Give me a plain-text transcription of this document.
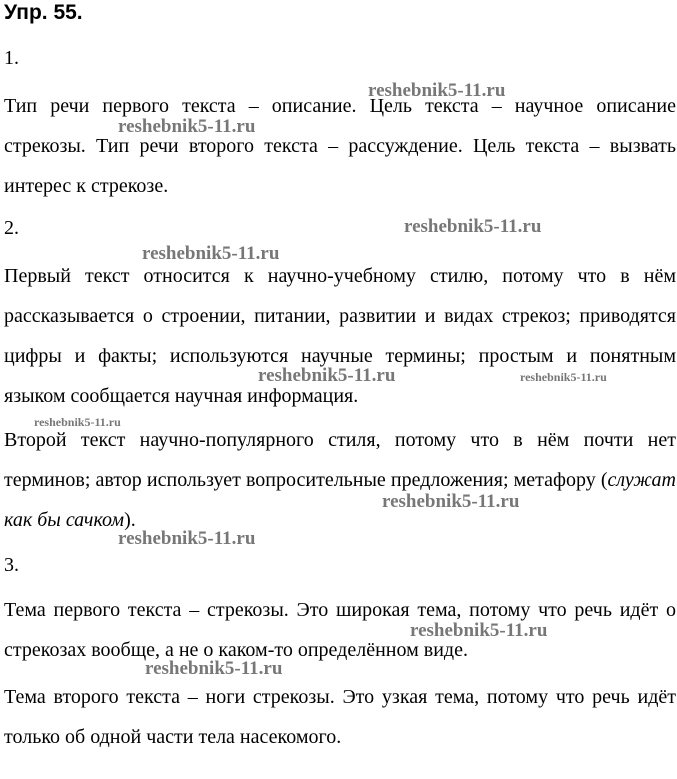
Упр. 55.
1.

Тип речи первого текста – описание. Цель текста – научное описание стрекозы. Тип речи второго текста – рассуждение. Цель текста – вызвать интерес к стрекозе.

2.

Первый текст относится к научно-учебному стилю, потому что в нём рассказывается о строении, питании, развитии и видах стрекоз; приводятся цифры и факты; используются научные термины; простым и понятным языком сообщается научная информация.

Второй текст научно-популярного стиля, потому что в нём почти нет терминов; автор использует вопросительные предложения; метафору (служат как бы сачком).

3.

Тема первого текста – стрекозы. Это широкая тема, потому что речь идёт о стрекозах вообще, а не о каком-то определённом виде.

Тема второго текста – ноги стрекозы. Это узкая тема, потому что речь идёт только об одной части тела насекомого.

reshebnik5-11.ru
reshebnik5-11.ru
reshebnik5-11.ru
reshebnik5-11.ru
reshebnik5-11.ru	reshebnik5-11.ru
reshebnik5-11.ru
reshebnik5-11.ru
reshebnik5-11.ru
reshebnik5-11.ru
reshebnik5-11.ru
